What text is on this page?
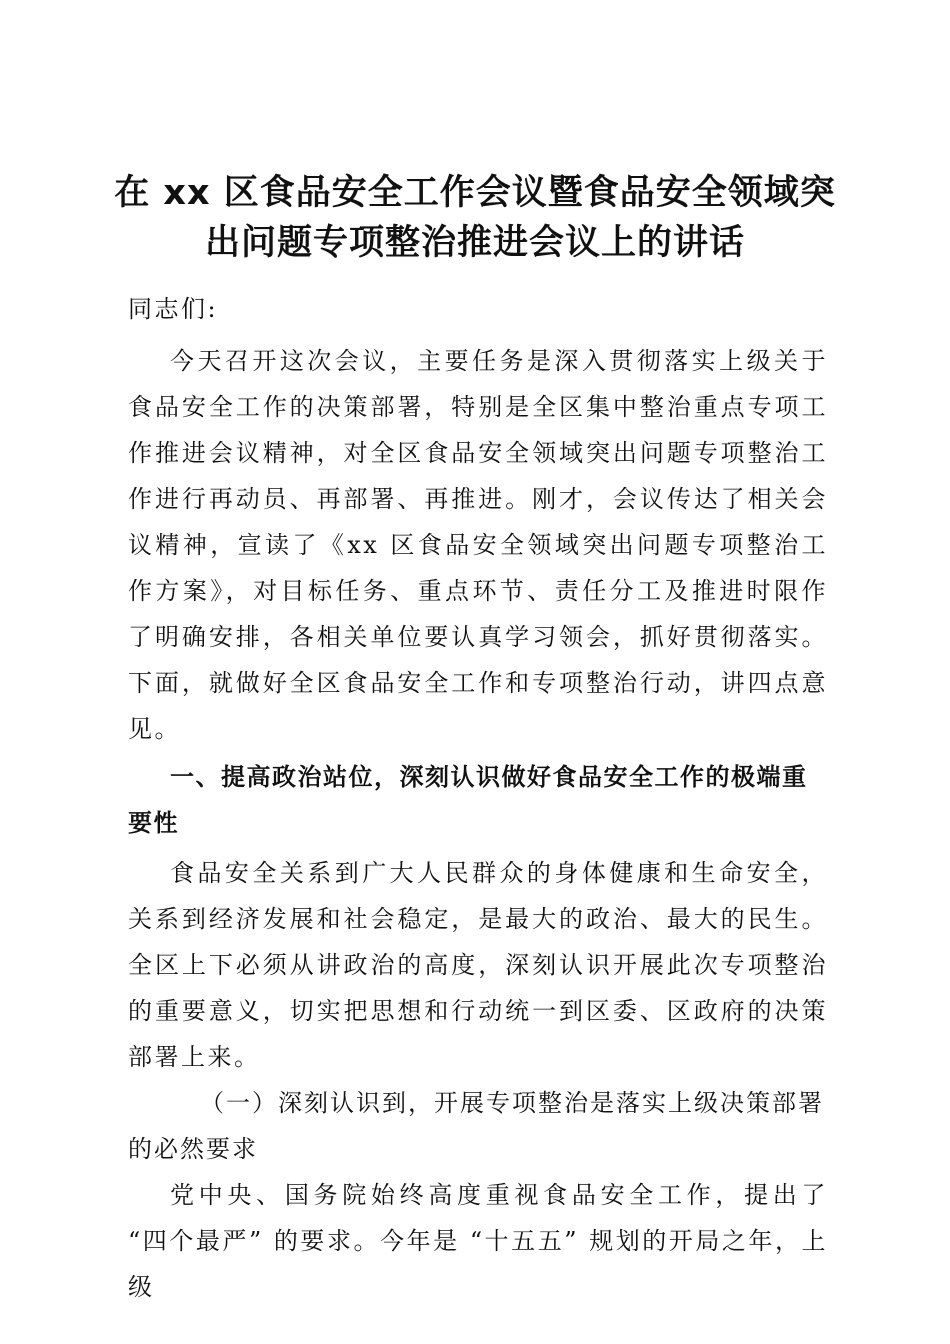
在 xx 区食品安全工作会议暨食品安全领域突
出问题专项整治推进会议上的讲话

同志们:

今天召开这次会议，主要任务是深入贯彻落实上级关于食品安全工作的决策部署，特别是全区集中整治重点专项工作推进会议精神，对全区食品安全领域突出问题专项整治工作进行再动员、再部署、再推进。刚才，会议传达了相关会议精神，宣读了《xx 区食品安全领域突出问题专项整治工作方案》，对目标任务、重点环节、责任分工及推进时限作了明确安排，各相关单位要认真学习领会，抓好贯彻落实。下面，就做好全区食品安全工作和专项整治行动，讲四点意见。

一、提高政治站位，深刻认识做好食品安全工作的极端重要性

食品安全关系到广大人民群众的身体健康和生命安全，关系到经济发展和社会稳定，是最大的政治、最大的民生。全区上下必须从讲政治的高度，深刻认识开展此次专项整治的重要意义，切实把思想和行动统一到区委、区政府的决策部署上来。

（一）深刻认识到，开展专项整治是落实上级决策部署的必然要求

党中央、国务院始终高度重视食品安全工作，提出了 “四个最严” 的要求。今年是 “十五五” 规划的开局之年，上级
